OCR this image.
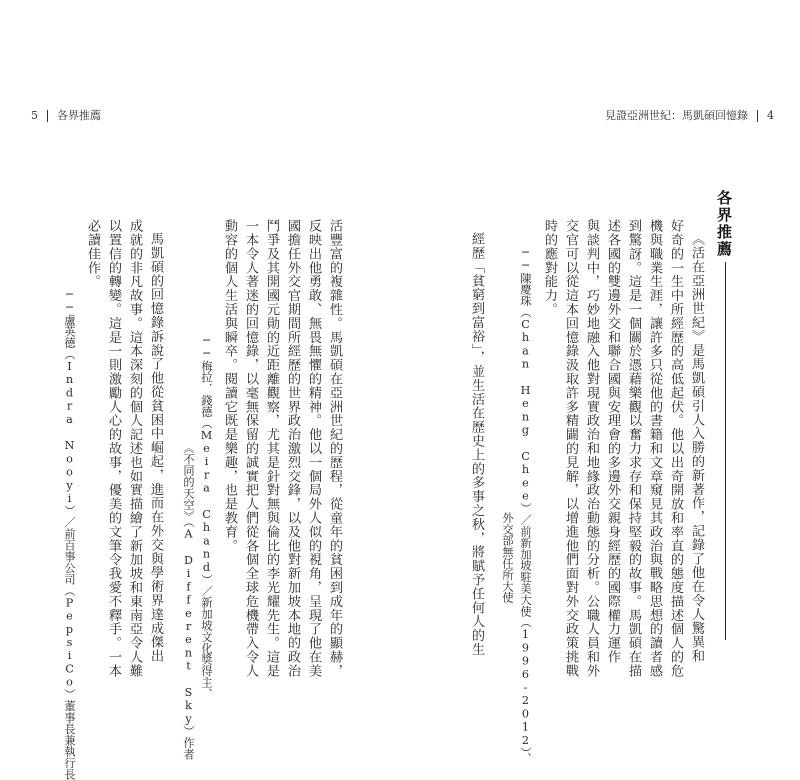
5 各界推薦	見證亞洲世紀：馬凱碩回憶錄 4
各界推薦
《活在亞洲世紀》是馬凱碩引人入勝的新著作，記錄了他在令人驚異和
好奇的一生中所經歷的高低起伏。他以出奇開放和率直的態度描述個人的危
機與職業生涯，讓許多只從他的書籍和文章窺見其政治與戰略思想的讀者感
到驚訝。這是一個關於憑藉樂觀以奮力求存和保持堅毅的故事。馬凱碩在描
述各國的雙邊外交和聯合國與安理會的多邊外交親身經歷的國際權力運作
與談判中，巧妙地融入他對現實政治和地緣政治動態的分析。公職人員和外
交官可以從這本回憶錄汲取許多精闢的見解，以增進他們面對外交政策挑戰
時的應對能力。
──陳慶珠（Chan Heng Chee）／前新加坡駐美大使（1996-2012）、
外交部無任所大使
經歷「貧窮到富裕」，並生活在歷史上的多事之秋，將賦予任何人的生
活豐富的複雜性。馬凱碩在亞洲世紀的歷程，從童年的貧困到成年的顯赫，
反映出他勇敢、無畏無懼的精神。他以一個局外人似的視角，呈現了他在美
國擔任外交官期間所經歷的世界政治激烈交鋒，以及他對新加坡本地的政治
鬥爭及其開國元勛的近距離觀察，尤其是針對無與倫比的李光耀先生。這是
一本令人著迷的回憶錄，以毫無保留的誠實把人們從各個全球危機帶入令人
動容的個人生活與瞬卒。閱讀它既是樂趣，也是教育。
──梅拉．錢德（Meira Chand）／新加坡文化獎得主、
《不同的天空》（A Different Sky）作者
馬凱碩的回憶錄訴說了他從貧困中崛起，進而在外交與學術界達成傑出
成就的非凡故事。這本深刻的個人記述也如實描繪了新加坡和東南亞令人難
以置信的轉變。這是一則激勵人心的故事，優美的文筆令我愛不釋手。一本
必讀佳作。
──盧英德（Indra Nooyi）／前百事公司（PepsiCo）董事長兼執行長
